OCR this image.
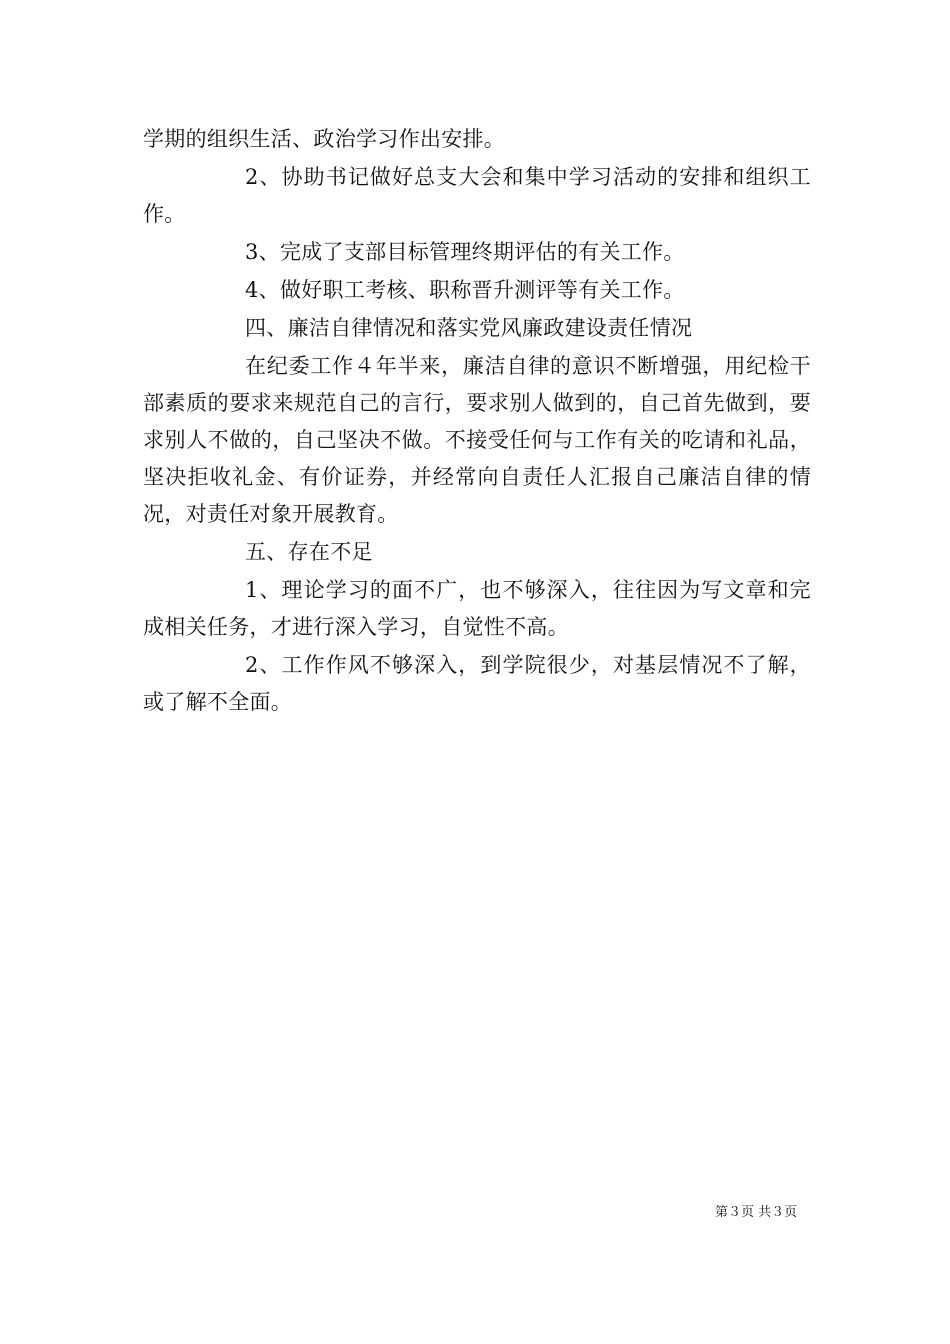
学期的组织生活、政治学习作出安排。

2、协助书记做好总支大会和集中学习活动的安排和组织工作。

3、完成了支部目标管理终期评估的有关工作。

4、做好职工考核、职称晋升测评等有关工作。

四、廉洁自律情况和落实党风廉政建设责任情况

在纪委工作４年半来，廉洁自律的意识不断增强，用纪检干部素质的要求来规范自己的言行，要求别人做到的，自己首先做到，要求别人不做的，自己坚决不做。不接受任何与工作有关的吃请和礼品，坚决拒收礼金、有价证券，并经常向自责任人汇报自己廉洁自律的情况，对责任对象开展教育。

五、存在不足

1、理论学习的面不广，也不够深入，往往因为写文章和完成相关任务，才进行深入学习，自觉性不高。

2、工作作风不够深入，到学院很少，对基层情况不了解，或了解不全面。

第３页 共３页
